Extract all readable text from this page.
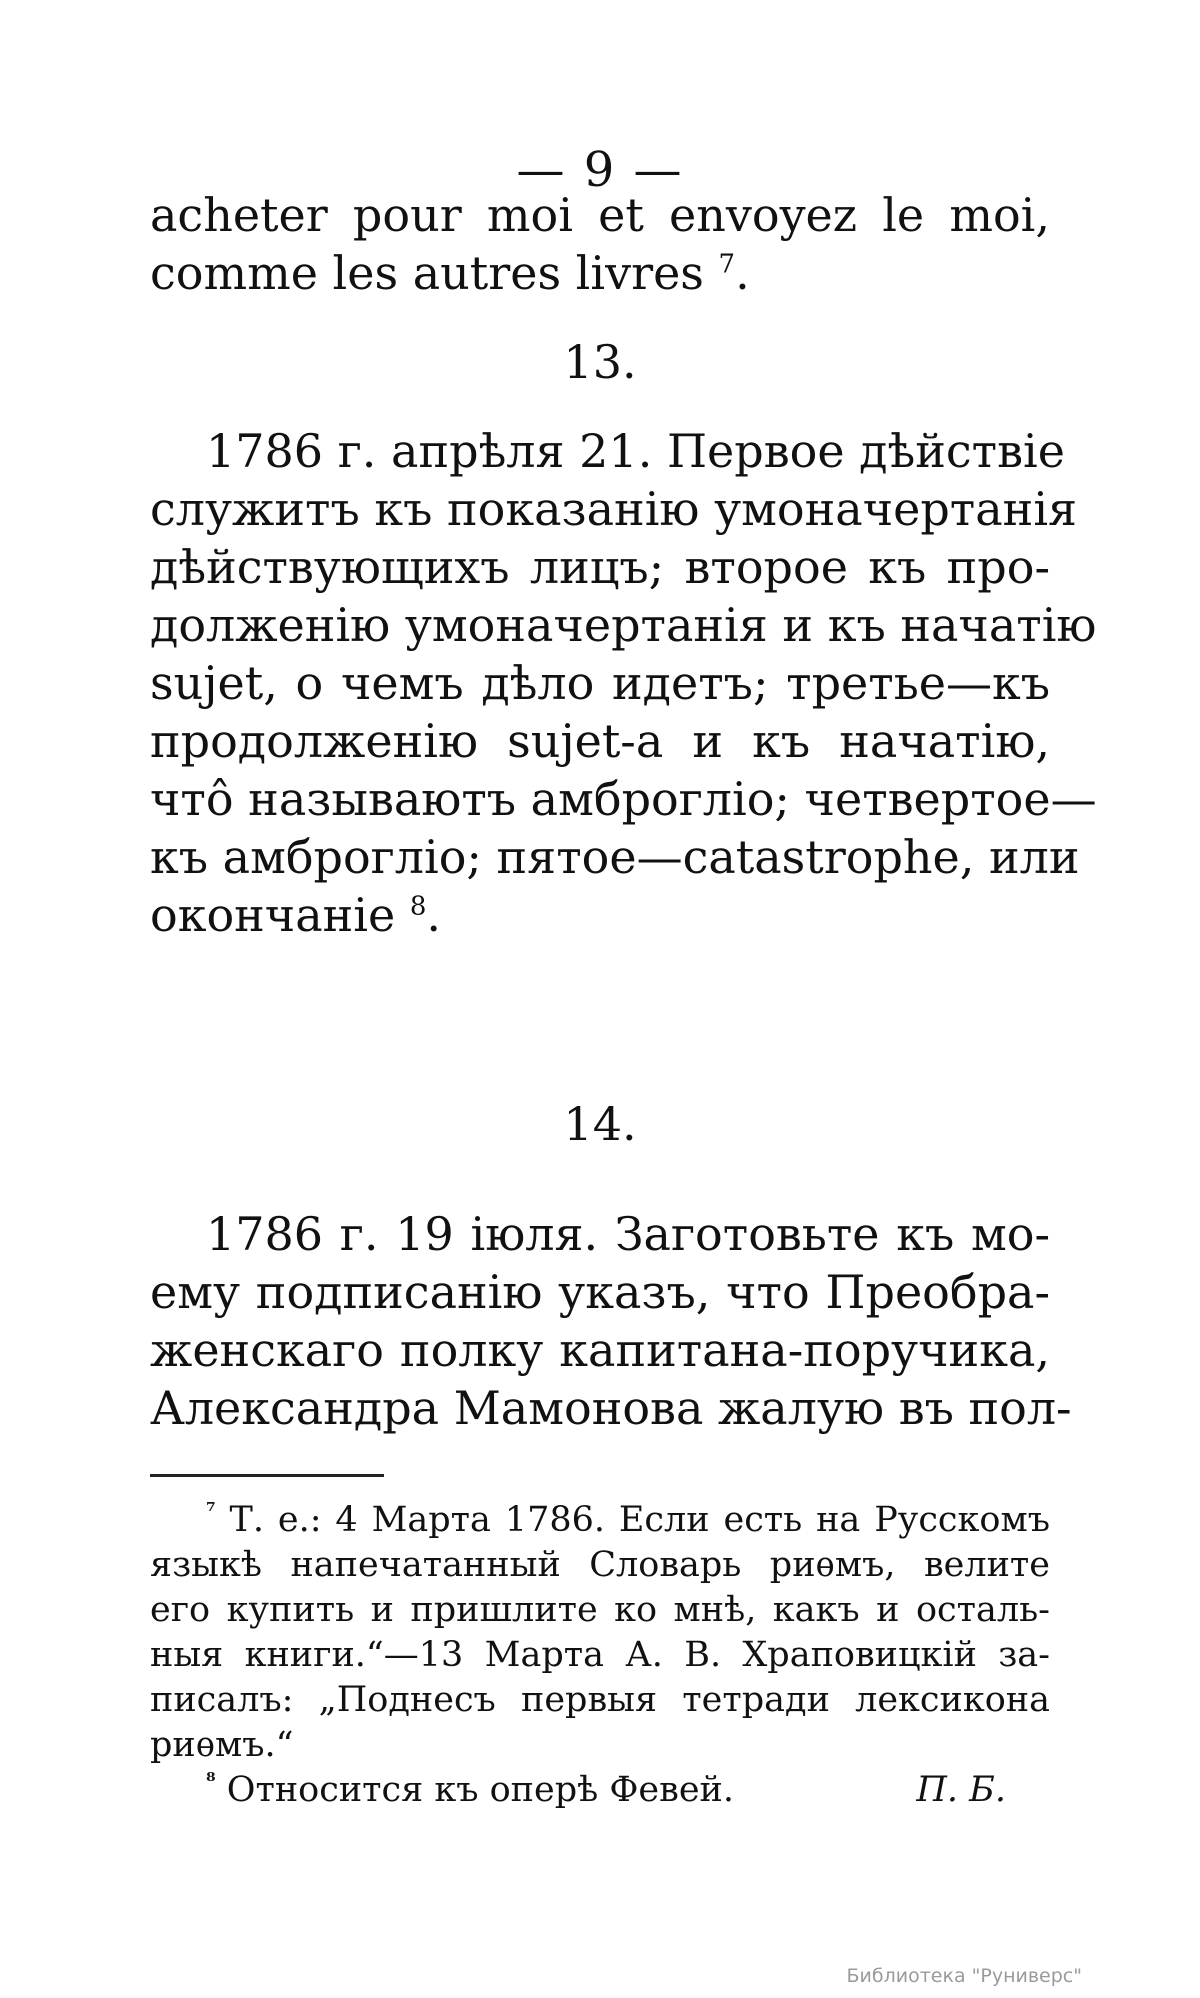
— 9 —
acheter pour moi et envoyez le moi,
comme les autres livres $^7$.
13.
1786 г. апрѣля 21. Первое дѣйствіе
служитъ къ показанію умоначертанія
дѣйствующихъ лицъ; второе къ про-
долженію умоначертанія и къ начатію
sujet, о чемъ дѣло идетъ; третье—къ
продолженію sujet-a и къ начатію,
что̂ называютъ амброгліо; четвертое—
къ амброгліо; пятое—catastrophe, или
окончаніе $^8$.
14.
1786 г. 19 іюля. Заготовьте къ мо-
ему подписанію указъ, что Преобра-
женскаго полку капитана-поручика,
Александра Мамонова жалую въ пол-
$^{^7}$ Т. е.: 4 Марта 1786. Если есть на Русскомъ
языкѣ напечатанный Словарь риѳмъ, велите
его купить и пришлите ко мнѣ, какъ и осталь-
ныя книги.“—13 Марта А. В. Храповицкій за-
писалъ: „Поднесъ первыя тетради лексикона
риѳмъ.“
$^{^8}$ Относится къ оперѣ Февей.	П. Б.
Библиотека "Руниверс"
